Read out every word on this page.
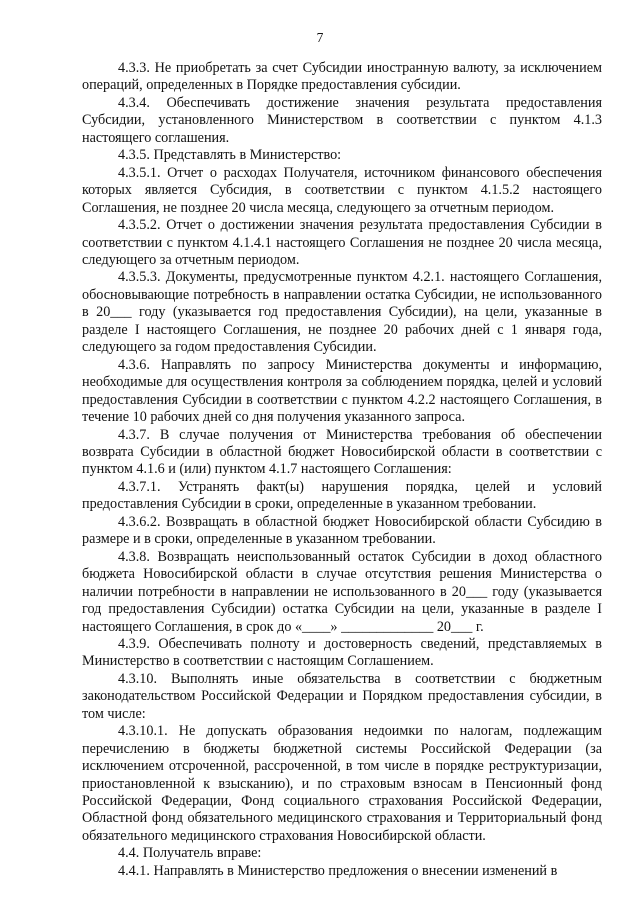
7

4.3.3. Не приобретать за счет Субсидии иностранную валюту, за исключением операций, определенных в Порядке предоставления субсидии.

4.3.4. Обеспечивать достижение значения результата предоставления Субсидии, установленного Министерством в соответствии с пунктом 4.1.3 настоящего соглашения.

4.3.5. Представлять в Министерство:

4.3.5.1. Отчет о расходах Получателя, источником финансового обеспечения которых является Субсидия, в соответствии с пунктом 4.1.5.2 настоящего Соглашения, не позднее 20 числа месяца, следующего за отчетным периодом.

4.3.5.2. Отчет о достижении значения результата предоставления Субсидии в соответствии с пунктом 4.1.4.1 настоящего Соглашения не позднее 20 числа месяца, следующего за отчетным периодом.

4.3.5.3. Документы, предусмотренные пунктом 4.2.1. настоящего Соглашения, обосновывающие потребность в направлении остатка Субсидии, не использованного в 20___ году (указывается год предоставления Субсидии), на цели, указанные в разделе I настоящего Соглашения, не позднее 20 рабочих дней с 1 января года, следующего за годом предоставления Субсидии.

4.3.6. Направлять по запросу Министерства документы и информацию, необходимые для осуществления контроля за соблюдением порядка, целей и условий предоставления Субсидии в соответствии с пунктом 4.2.2 настоящего Соглашения, в течение 10 рабочих дней со дня получения указанного запроса.

4.3.7. В случае получения от Министерства требования об обеспечении возврата Субсидии в областной бюджет Новосибирской области в соответствии с пунктом 4.1.6 и (или) пунктом 4.1.7 настоящего Соглашения:

4.3.7.1. Устранять факт(ы) нарушения порядка, целей и условий предоставления Субсидии в сроки, определенные в указанном требовании.

4.3.6.2. Возвращать в областной бюджет Новосибирской области Субсидию в размере и в сроки, определенные в указанном требовании.

4.3.8. Возвращать неиспользованный остаток Субсидии в доход областного бюджета Новосибирской области в случае отсутствия решения Министерства о наличии потребности в направлении не использованного в 20___ году (указывается год предоставления Субсидии) остатка Субсидии на цели, указанные в разделе I настоящего Соглашения, в срок до «____» _____________ 20___ г.

4.3.9. Обеспечивать полноту и достоверность сведений, представляемых в Министерство в соответствии с настоящим Соглашением.

4.3.10. Выполнять иные обязательства в соответствии с бюджетным законодательством Российской Федерации и Порядком предоставления субсидии, в том числе:

4.3.10.1. Не допускать образования недоимки по налогам, подлежащим перечислению в бюджеты бюджетной системы Российской Федерации (за исключением отсроченной, рассроченной, в том числе в порядке реструктуризации, приостановленной к взысканию), и по страховым взносам в Пенсионный фонд Российской Федерации, Фонд социального страхования Российской Федерации, Областной фонд обязательного медицинского страхования и Территориальный фонд обязательного медицинского страхования Новосибирской области.

4.4. Получатель вправе:

4.4.1. Направлять в Министерство предложения о внесении изменений в
